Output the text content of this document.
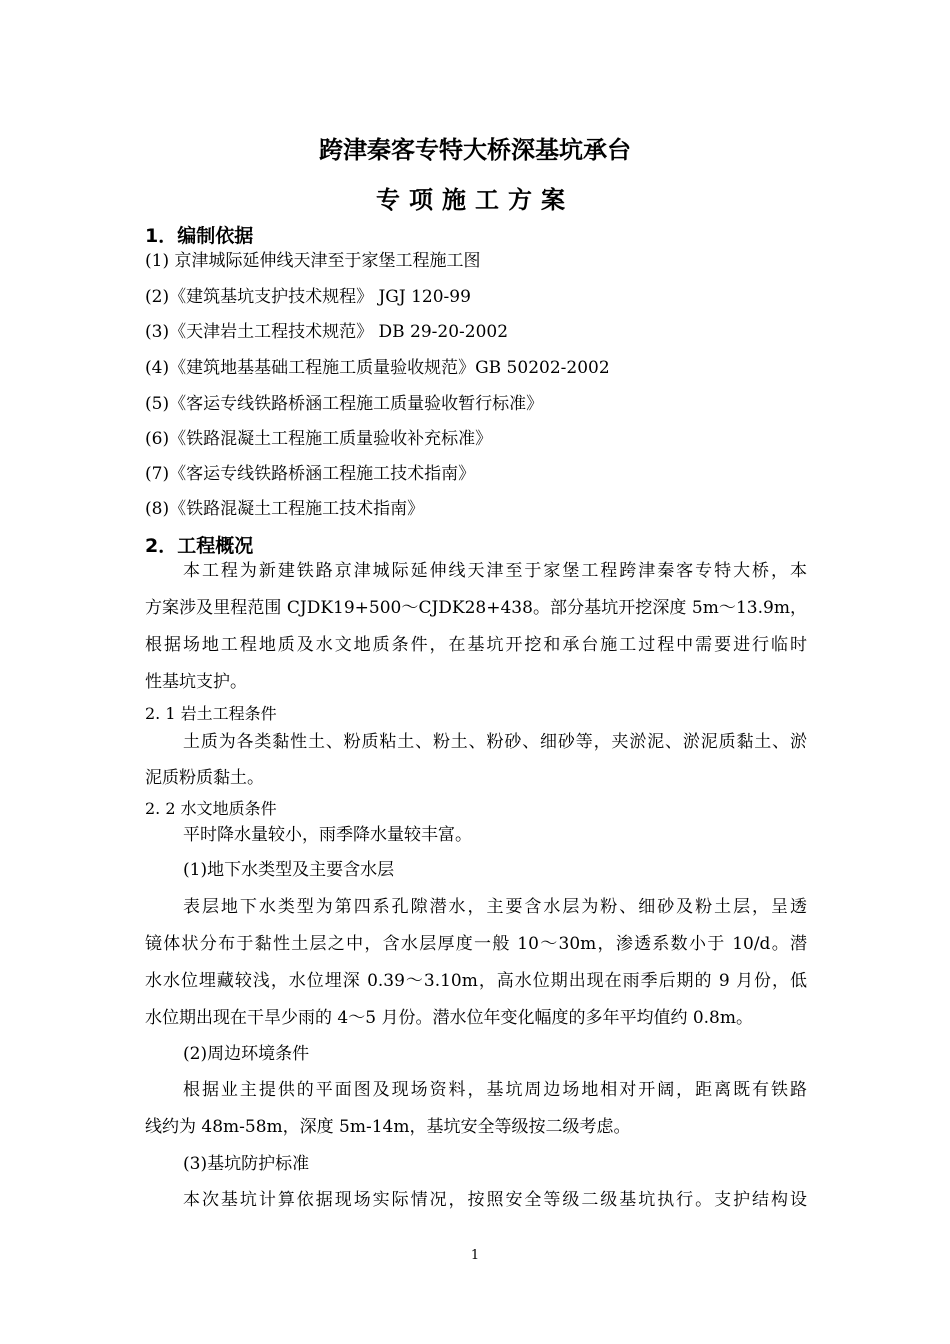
跨津秦客专特大桥深基坑承台
专项施工方案
1．编制依据
(1) 京津城际延伸线天津至于家堡工程施工图
(2)《建筑基坑支护技术规程》 JGJ 120-99
(3)《天津岩土工程技术规范》 DB 29-20-2002
(4)《建筑地基基础工程施工质量验收规范》GB 50202-2002
(5)《客运专线铁路桥涵工程施工质量验收暂行标准》
(6)《铁路混凝土工程施工质量验收补充标准》
(7)《客运专线铁路桥涵工程施工技术指南》
(8)《铁路混凝土工程施工技术指南》
2．工程概况
本工程为新建铁路京津城际延伸线天津至于家堡工程跨津秦客专特大桥，本
方案涉及里程范围 CJDK19+500～CJDK28+438。部分基坑开挖深度 5m～13.9m，
根据场地工程地质及水文地质条件，在基坑开挖和承台施工过程中需要进行临时
性基坑支护。
2. 1 岩土工程条件
土质为各类黏性土、粉质粘土、粉土、粉砂、细砂等，夹淤泥、淤泥质黏土、淤
泥质粉质黏土。
2. 2 水文地质条件
平时降水量较小，雨季降水量较丰富。
(1)地下水类型及主要含水层
表层地下水类型为第四系孔隙潜水，主要含水层为粉、细砂及粉土层，呈透
镜体状分布于黏性土层之中，含水层厚度一般 10～30m，渗透系数小于 10/d。潜
水水位埋藏较浅，水位埋深 0.39～3.10m，高水位期出现在雨季后期的 9 月份，低
水位期出现在干旱少雨的 4～5 月份。潜水位年变化幅度的多年平均值约 0.8m。
(2)周边环境条件
根据业主提供的平面图及现场资料，基坑周边场地相对开阔，距离既有铁路
线约为 48m-58m，深度 5m-14m，基坑安全等级按二级考虑。
(3)基坑防护标准
本次基坑计算依据现场实际情况，按照安全等级二级基坑执行。支护结构设
1
